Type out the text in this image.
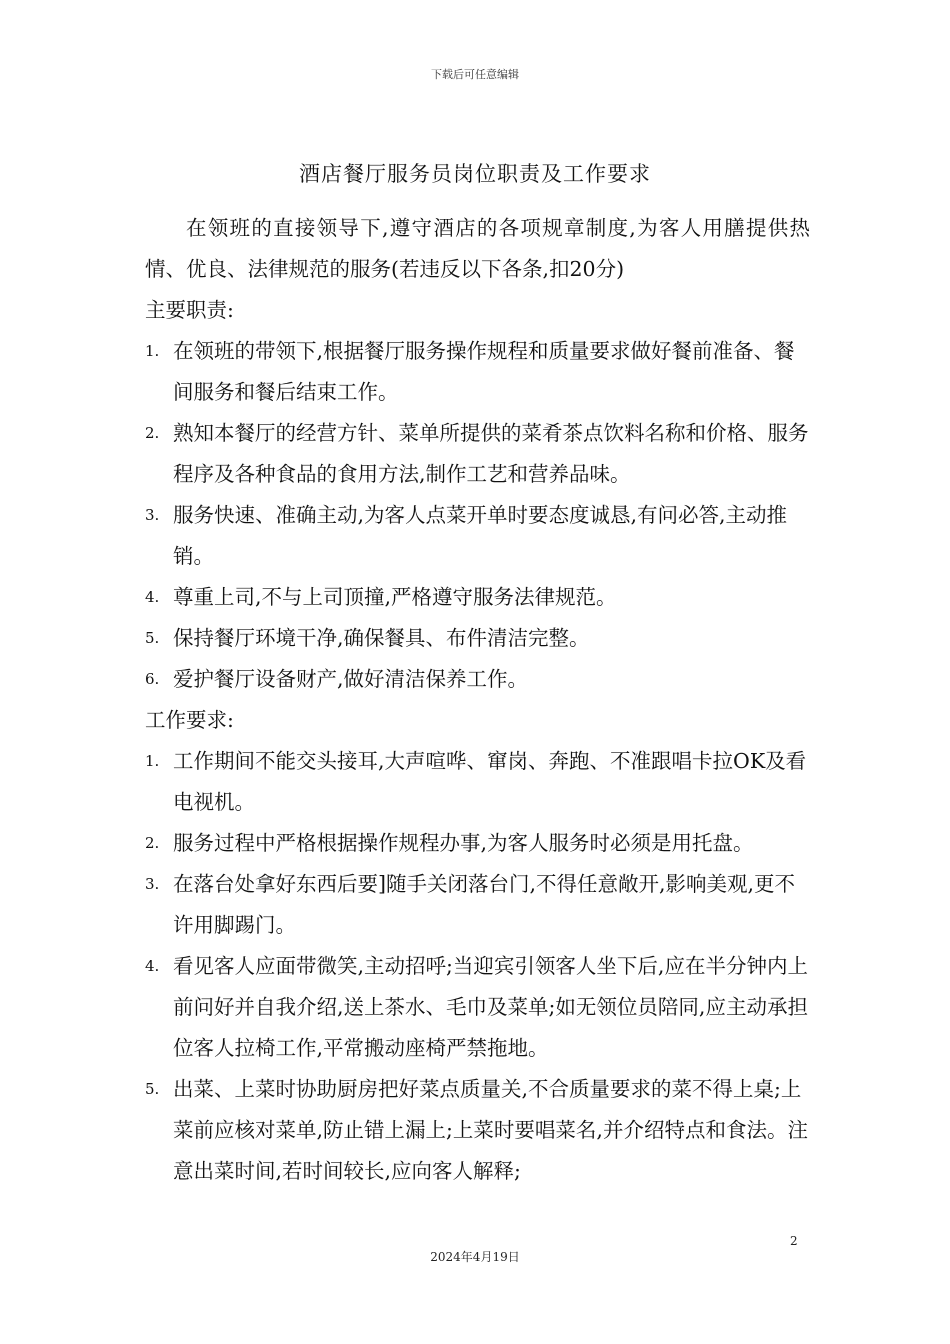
下载后可任意编辑
酒店餐厅服务员岗位职责及工作要求

在领班的直接领导下,遵守酒店的各项规章制度,为客人用膳提供热情、优良、法律规范的服务(若违反以下各条,扣20分)

主要职责:

1. 在领班的带领下,根据餐厅服务操作规程和质量要求做好餐前准备、餐间服务和餐后结束工作。
2. 熟知本餐厅的经营方针、菜单所提供的菜肴茶点饮料名称和价格、服务程序及各种食品的食用方法,制作工艺和营养品味。
3. 服务快速、准确主动,为客人点菜开单时要态度诚恳,有问必答,主动推销。
4. 尊重上司,不与上司顶撞,严格遵守服务法律规范。
5. 保持餐厅环境干净,确保餐具、布件清洁完整。
6. 爱护餐厅设备财产,做好清洁保养工作。

工作要求:

1. 工作期间不能交头接耳,大声喧哗、窜岗、奔跑、不准跟唱卡拉OK及看电视机。
2. 服务过程中严格根据操作规程办事,为客人服务时必须是用托盘。
3. 在落台处拿好东西后要]随手关闭落台门,不得任意敞开,影响美观,更不许用脚踢门。
4. 看见客人应面带微笑,主动招呼;当迎宾引领客人坐下后,应在半分钟内上前问好并自我介绍,送上茶水、毛巾及菜单;如无领位员陪同,应主动承担位客人拉椅工作,平常搬动座椅严禁拖地。
5. 出菜、上菜时协助厨房把好菜点质量关,不合质量要求的菜不得上桌;上菜前应核对菜单,防止错上漏上;上菜时要唱菜名,并介绍特点和食法。注意出菜时间,若时间较长,应向客人解释;
2
2024年4月19日
